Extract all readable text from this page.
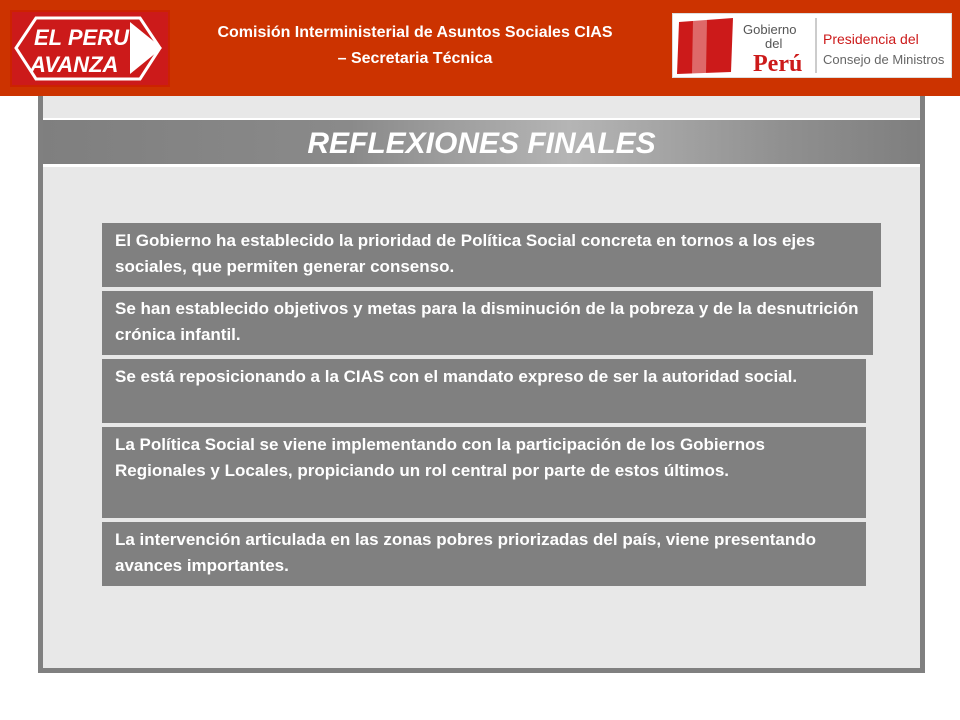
EL PERU
AVANZA
Comisión Interministerial de Asuntos Sociales CIAS
– Secretaria Técnica
Gobierno
del
Perú
Presidencia del
Consejo de Ministros
REFLEXIONES FINALES
El Gobierno ha establecido la prioridad de Política Social concreta en tornos a los ejes sociales, que permiten generar consenso.
Se han establecido objetivos y metas para la disminución de la pobreza y de la desnutrición crónica infantil.
Se está reposicionando a la CIAS con el mandato expreso de ser la autoridad social.
La Política Social se viene implementando con la participación de los Gobiernos Regionales y Locales, propiciando un rol central por parte de estos últimos.
La intervención articulada en las zonas pobres priorizadas del país, viene presentando avances importantes.
